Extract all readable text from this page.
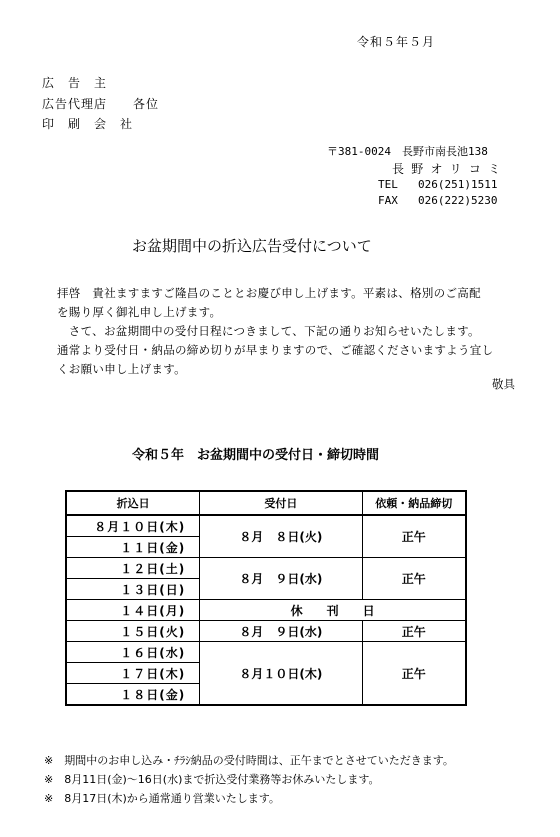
令和５年５月
広　告　主
広告代理店　　各位
印　刷　会　社
〒381-0024　長野市南長池138
長 野 オ リ コ ミ
TEL 026(251)1511
FAX 026(222)5230
お盆期間中の折込広告受付について
拝啓　貴社ますますご隆昌のこととお慶び申し上げます。平素は、格別のご高配
を賜り厚く御礼申し上げます。
　さて、お盆期間中の受付日程につきまして、下記の通りお知らせいたします。
通常より受付日・納品の締め切りが早まりますので、ご確認くださいますよう宜し
くお願い申し上げます。
敬具
令和５年　お盆期間中の受付日・締切時間
折込日	受付日	依頼・納品締切
８月１０日(木)	８月　８日(火)	正午
１１日(金)		
１２日(土)	８月　９日(水)	正午
１３日(日)		
１４日(月)	休　　刊　　日	
１５日(火)	８月　９日(水)	正午
１６日(水)	８月１０日(木)	正午
１７日(木)		
１８日(金)		
※　期間中のお申し込み・ﾁﾗｼ納品の受付時間は、正午までとさせていただきます。
※　8月11日(金)～16日(水)まで折込受付業務等お休みいたします。
※　8月17日(木)から通常通り営業いたします。
